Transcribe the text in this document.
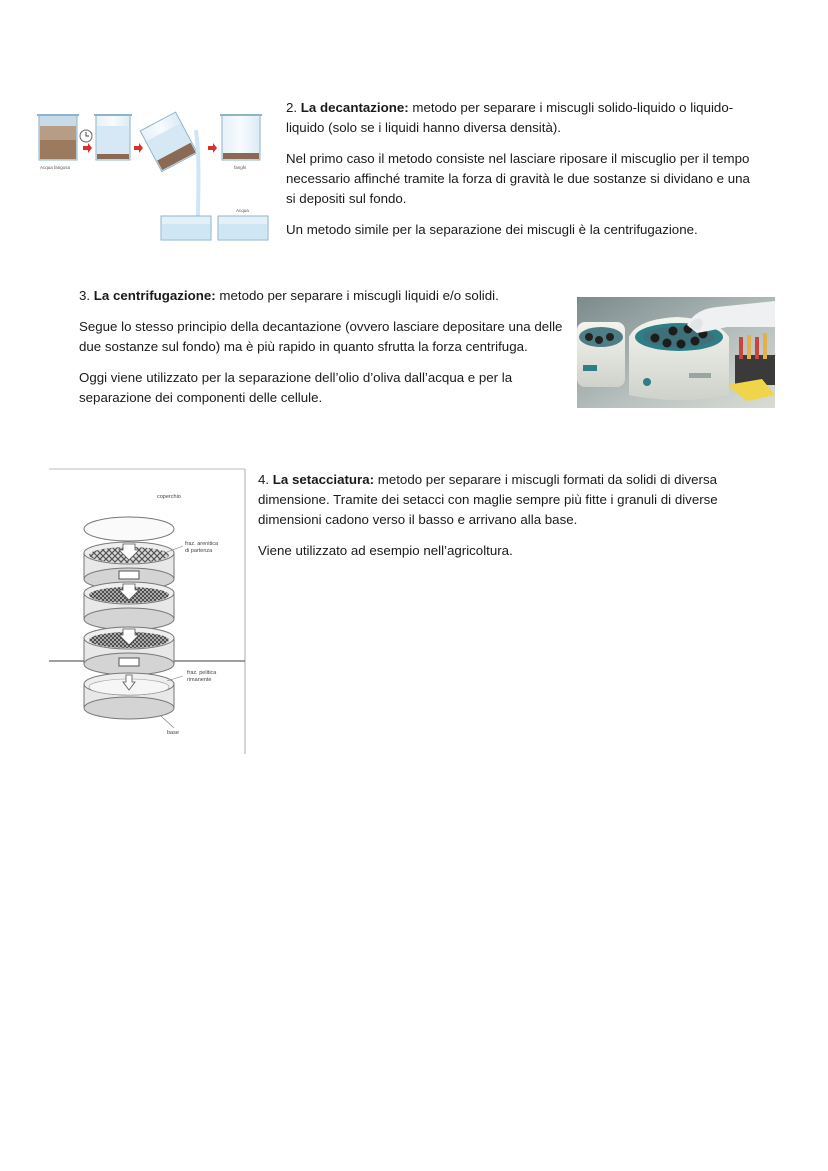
Acqua fangosa	fanghi
Acqua

2. La decantazione: metodo per separare i miscugli solido-liquido o liquido-liquido (solo se i liquidi hanno diversa densità).

Nel primo caso il metodo consiste nel lasciare riposare il miscuglio per il tempo necessario affinché tramite la forza di gravità le due sostanze si dividano e una si depositi sul fondo.

Un metodo simile per la separazione dei miscugli è la centrifugazione.

3. La centrifugazione: metodo per separare i miscugli liquidi e/o solidi.

Segue lo stesso principio della decantazione (ovvero lasciare depositare una delle due sostanze sul fondo) ma è più rapido in quanto sfrutta la forza centrifuga.

Oggi viene utilizzato per la separazione dell’olio d’oliva dall’acqua e per la separazione dei componenti delle cellule.

coperchio
fraz. arenitica
di partenza
fraz. pelitica
rimanente
base

4. La setacciatura: metodo per separare i miscugli formati da solidi di diversa dimensione. Tramite dei setacci con maglie sempre più fitte i granuli di diverse dimensioni cadono verso il basso e arrivano alla base.

Viene utilizzato ad esempio nell’agricoltura.
